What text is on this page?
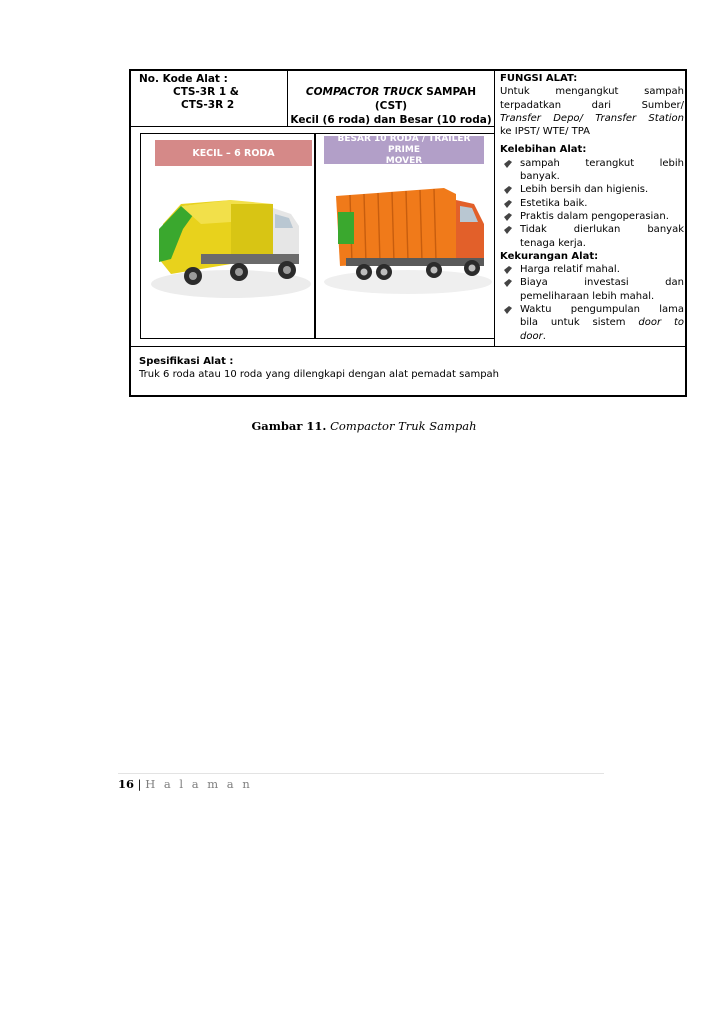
No. Kode Alat :
CTS-3R 1 &
CTS-3R 2
COMPACTOR TRUCK SAMPAH (CST)
Kecil (6 roda) dan Besar (10 roda)
KECIL – 6 RODA
BESAR 10 RODA / TRAILER PRIME
MOVER
FUNGSI ALAT:
Untuk mengangkut sampah
terpadatkan dari Sumber/
Transfer Depo/ Transfer Station
ke IPST/ WTE/ TPA
Kelebihan Alat:
sampah terangkut lebih
banyak.
Lebih bersih dan higienis.
Estetika baik.
Praktis dalam pengoperasian.
Tidak dierlukan banyak
tenaga kerja.
Kekurangan Alat:
Harga relatif mahal.
Biaya investasi dan
pemeliharaan lebih mahal.
Waktu pengumpulan lama
bila untuk sistem door to
door.
Spesifikasi Alat :
Truk 6 roda atau 10 roda yang dilengkapi dengan alat pemadat sampah
Gambar 11. Compactor Truk Sampah
16 | H a l a m a n
